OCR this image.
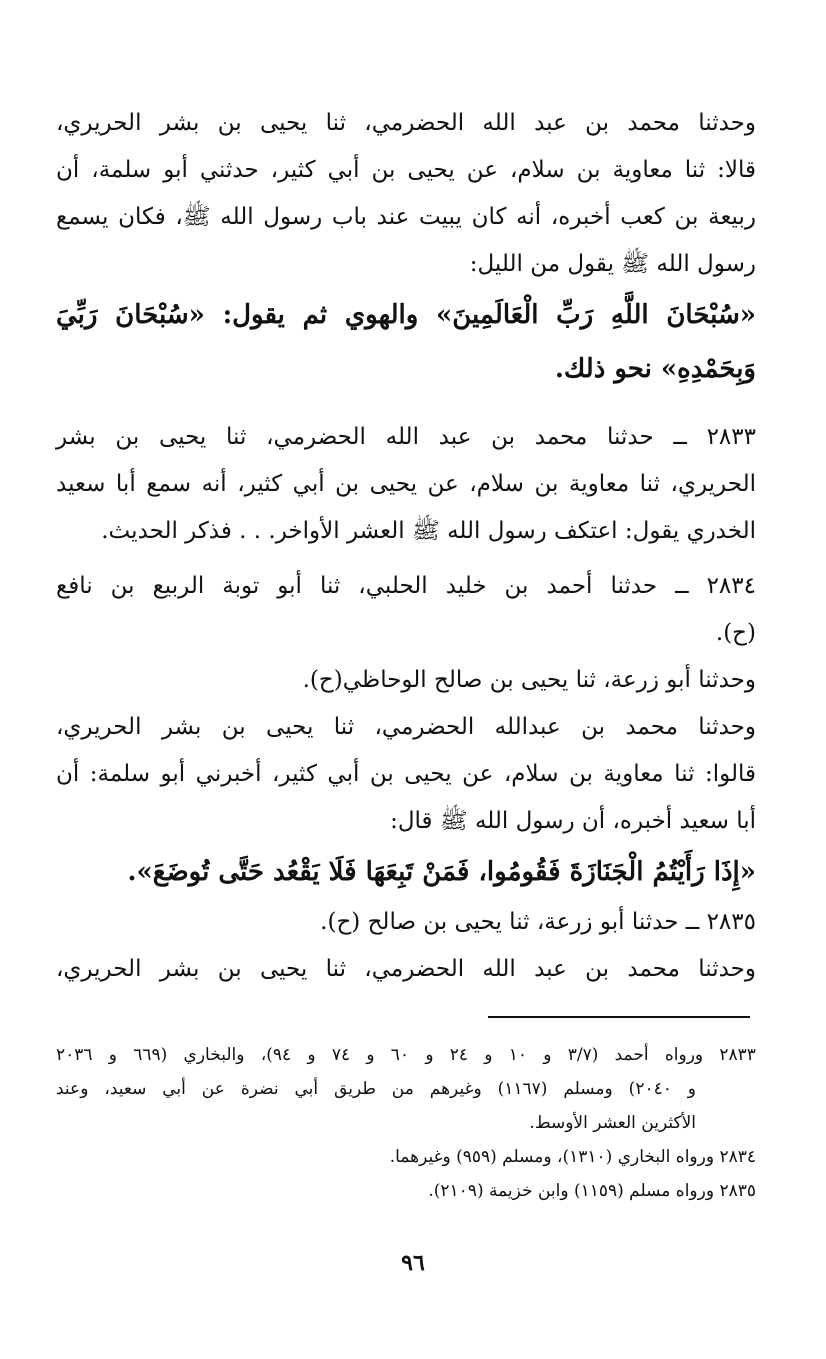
وحدثنا محمد بن عبد الله الحضرمي، ثنا يحيى بن بشر الحريري،
قالا: ثنا معاوية بن سلام، عن يحيى بن أبي كثير، حدثني أبو سلمة، أن
ربيعة بن كعب أخبره، أنه كان يبيت عند باب رسول الله ﷺ، فكان يسمع
رسول الله ﷺ يقول من الليل:
«سُبْحَانَ اللَّهِ رَبِّ الْعَالَمِينَ» والهوي ثم يقول: «سُبْحَانَ رَبِّيَ
وَبِحَمْدِهِ» نحو ذلك.
٢٨٣٣ ــ حدثنا محمد بن عبد الله الحضرمي، ثنا يحيى بن بشر
الحريري، ثنا معاوية بن سلام، عن يحيى بن أبي كثير، أنه سمع أبا سعيد
الخدري يقول: اعتكف رسول الله ﷺ العشر الأواخر. . . فذكر الحديث.
٢٨٣٤ ــ حدثنا أحمد بن خليد الحلبي، ثنا أبو توبة الربيع بن نافع
(ح).
وحدثنا أبو زرعة، ثنا يحيى بن صالح الوحاظي(ح).
وحدثنا محمد بن عبدالله الحضرمي، ثنا يحيى بن بشر الحريري،
قالوا: ثنا معاوية بن سلام، عن يحيى بن أبي كثير، أخبرني أبو سلمة: أن
أبا سعيد أخبره، أن رسول الله ﷺ قال:
«إِذَا رَأَيْتُمُ الْجَنَازَةَ فَقُومُوا، فَمَنْ تَبِعَهَا فَلَا يَقْعُد حَتَّى تُوضَعَ».
٢٨٣٥ ــ حدثنا أبو زرعة، ثنا يحيى بن صالح (ح).
وحدثنا محمد بن عبد الله الحضرمي، ثنا يحيى بن بشر الحريري،
٢٨٣٣ ورواه أحمد (٣/٧ و ١٠ و ٢٤ و ٦٠ و ٧٤ و ٩٤)، والبخاري (٦٦٩ و ٢٠٣٦
و ٢٠٤٠) ومسلم (١١٦٧) وغيرهم من طريق أبي نضرة عن أبي سعيد، وعند
الأكثرين العشر الأوسط.
٢٨٣٤ ورواه البخاري (١٣١٠)، ومسلم (٩٥٩) وغيرهما.
٢٨٣٥ ورواه مسلم (١١٥٩) وابن خزيمة (٢١٠٩).
٩٦
